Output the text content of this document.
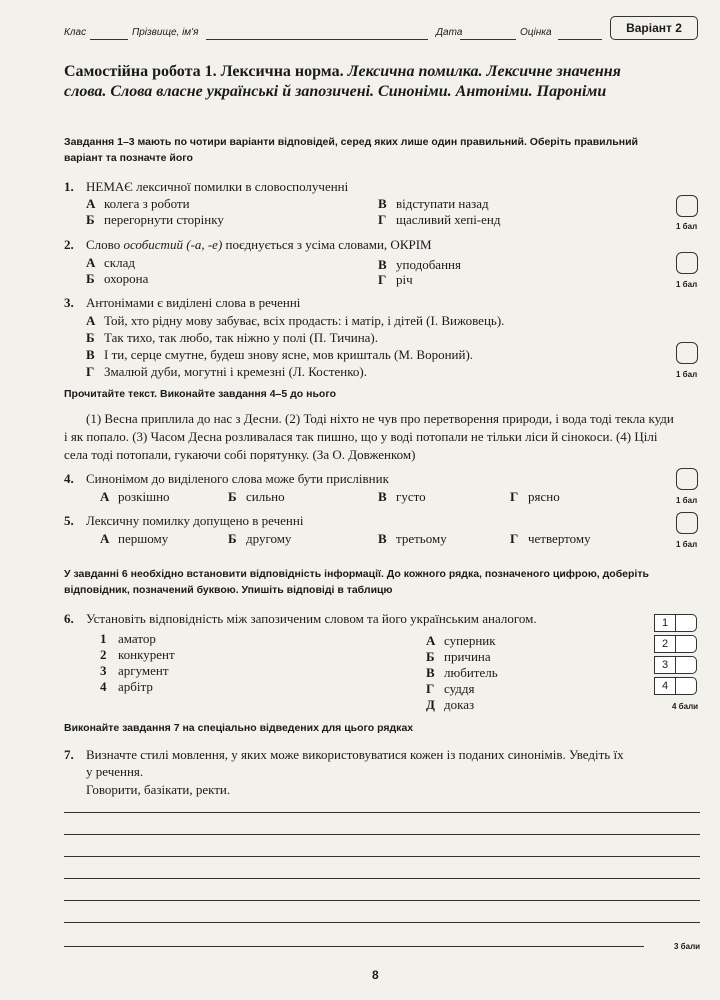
Клас	Прізвище, ім'я	Дата	Оцінка	Варіант 2
Самостійна робота 1. Лексична норма. Лексична помилка. Лексичне значення слова. Слова власне українські й запозичені. Синоніми. Антоніми. Пароніми
Завдання 1–3 мають по чотири варіанти відповідей, серед яких лише один правильний. Оберіть правильний варіант та позначте його
1. НЕМАЄ лексичної помилки в словосполученні
А колега з роботи
Б перегорнути сторінку
В відступати назад
Г щасливий хепі-енд	1 бал
2. Слово особистий (-а, -е) поєднується з усіма словами, ОКРІМ
А склад
Б охорона
В уподобання
Г річ	1 бал
3. Антонімами є виділені слова в реченні
А Той, хто рідну мову забуває, всіх продасть: і матір, і дітей (І. Вижовець).
Б Так тихо, так любо, так ніжно у полі (П. Тичина).
В І ти, серце смутне, будеш знову ясне, мов кришталь (М. Вороний).
Г Змалюй дуби, могутні і кремезні (Л. Костенко).	1 бал
Прочитайте текст. Виконайте завдання 4–5 до нього
(1) Весна приплила до нас з Десни. (2) Тоді ніхто не чув про перетворення природи, і вода тоді текла куди і як попало. (3) Часом Десна розливалася так пишно, що у воді потопали не тільки ліси й сінокоси. (4) Цілі села тоді потопали, гукаючи собі порятунку. (За О. Довженком)
4. Синонімом до виділеного слова може бути прислівник
А розкішно	Б сильно	В густо	Г рясно	1 бал
5. Лексичну помилку допущено в реченні
А першому	Б другому	В третьому	Г четвертому	1 бал
У завданні 6 необхідно встановити відповідність інформації. До кожного рядка, позначеного цифрою, доберіть відповідник, позначений буквою. Упишіть відповіді в таблицю
6. Установіть відповідність між запозиченим словом та його українським аналогом.
1 аматор
2 конкурент
3 аргумент
4 арбітр
А суперник
Б причина
В любитель
Г суддя
Д доказ
1
2
3
4
4 бали
Виконайте завдання 7 на спеціально відведених для цього рядках
7. Визначте стилі мовлення, у яких може використовуватися кожен із поданих синонімів. Уведіть їх у речення.
Говорити, базікати, ректи.
3 бали
8
